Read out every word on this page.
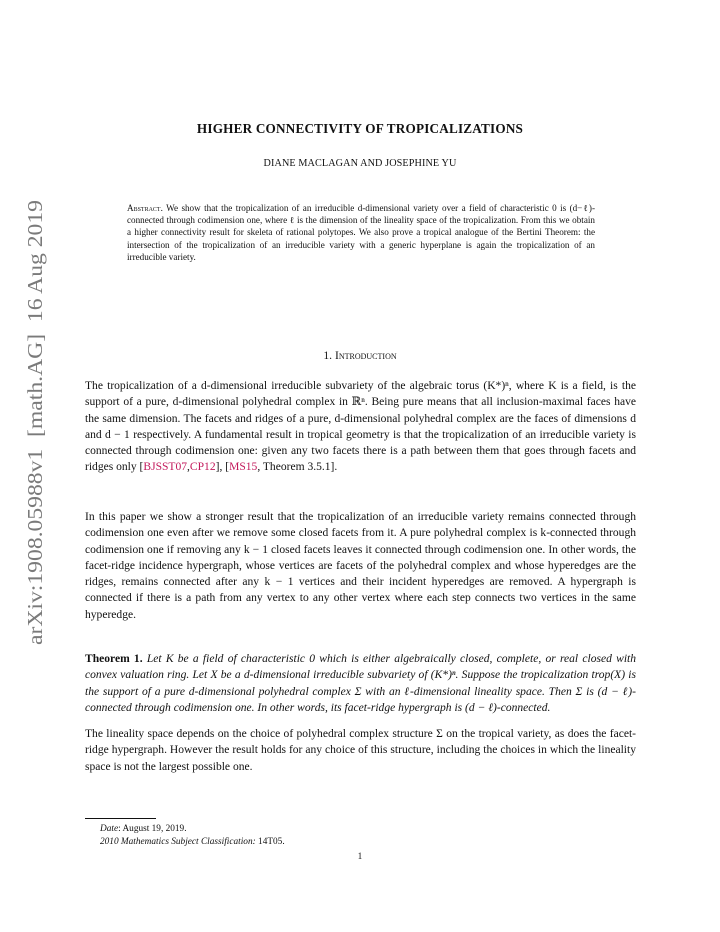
arXiv:1908.05988v1  [math.AG]  16 Aug 2019
HIGHER CONNECTIVITY OF TROPICALIZATIONS
DIANE MACLAGAN AND JOSEPHINE YU
Abstract. We show that the tropicalization of an irreducible d-dimensional variety over a field of characteristic 0 is (d−ℓ)-connected through codimension one, where ℓ is the dimension of the lineality space of the tropicalization. From this we obtain a higher connectivity result for skeleta of rational polytopes. We also prove a tropical analogue of the Bertini Theorem: the intersection of the tropicalization of an irreducible variety with a generic hyperplane is again the tropicalization of an irreducible variety.
1. Introduction
The tropicalization of a d-dimensional irreducible subvariety of the algebraic torus (K*)ⁿ, where K is a field, is the support of a pure, d-dimensional polyhedral complex in ℝⁿ. Being pure means that all inclusion-maximal faces have the same dimension. The facets and ridges of a pure, d-dimensional polyhedral complex are the faces of dimensions d and d − 1 respectively. A fundamental result in tropical geometry is that the tropicalization of an irreducible variety is connected through codimension one: given any two facets there is a path between them that goes through facets and ridges only [BJSST07,CP12], [MS15, Theorem 3.5.1].
In this paper we show a stronger result that the tropicalization of an irreducible variety remains connected through codimension one even after we remove some closed facets from it. A pure polyhedral complex is k-connected through codimension one if removing any k − 1 closed facets leaves it connected through codimension one. In other words, the facet-ridge incidence hypergraph, whose vertices are facets of the polyhedral complex and whose hyperedges are the ridges, remains connected after any k − 1 vertices and their incident hyperedges are removed. A hypergraph is connected if there is a path from any vertex to any other vertex where each step connects two vertices in the same hyperedge.
Theorem 1. Let K be a field of characteristic 0 which is either algebraically closed, complete, or real closed with convex valuation ring. Let X be a d-dimensional irreducible subvariety of (K*)ⁿ. Suppose the tropicalization trop(X) is the support of a pure d-dimensional polyhedral complex Σ with an ℓ-dimensional lineality space. Then Σ is (d − ℓ)-connected through codimension one. In other words, its facet-ridge hypergraph is (d − ℓ)-connected.
The lineality space depends on the choice of polyhedral complex structure Σ on the tropical variety, as does the facet-ridge hypergraph. However the result holds for any choice of this structure, including the choices in which the lineality space is not the largest possible one.
Date: August 19, 2019.
2010 Mathematics Subject Classification: 14T05.
1
